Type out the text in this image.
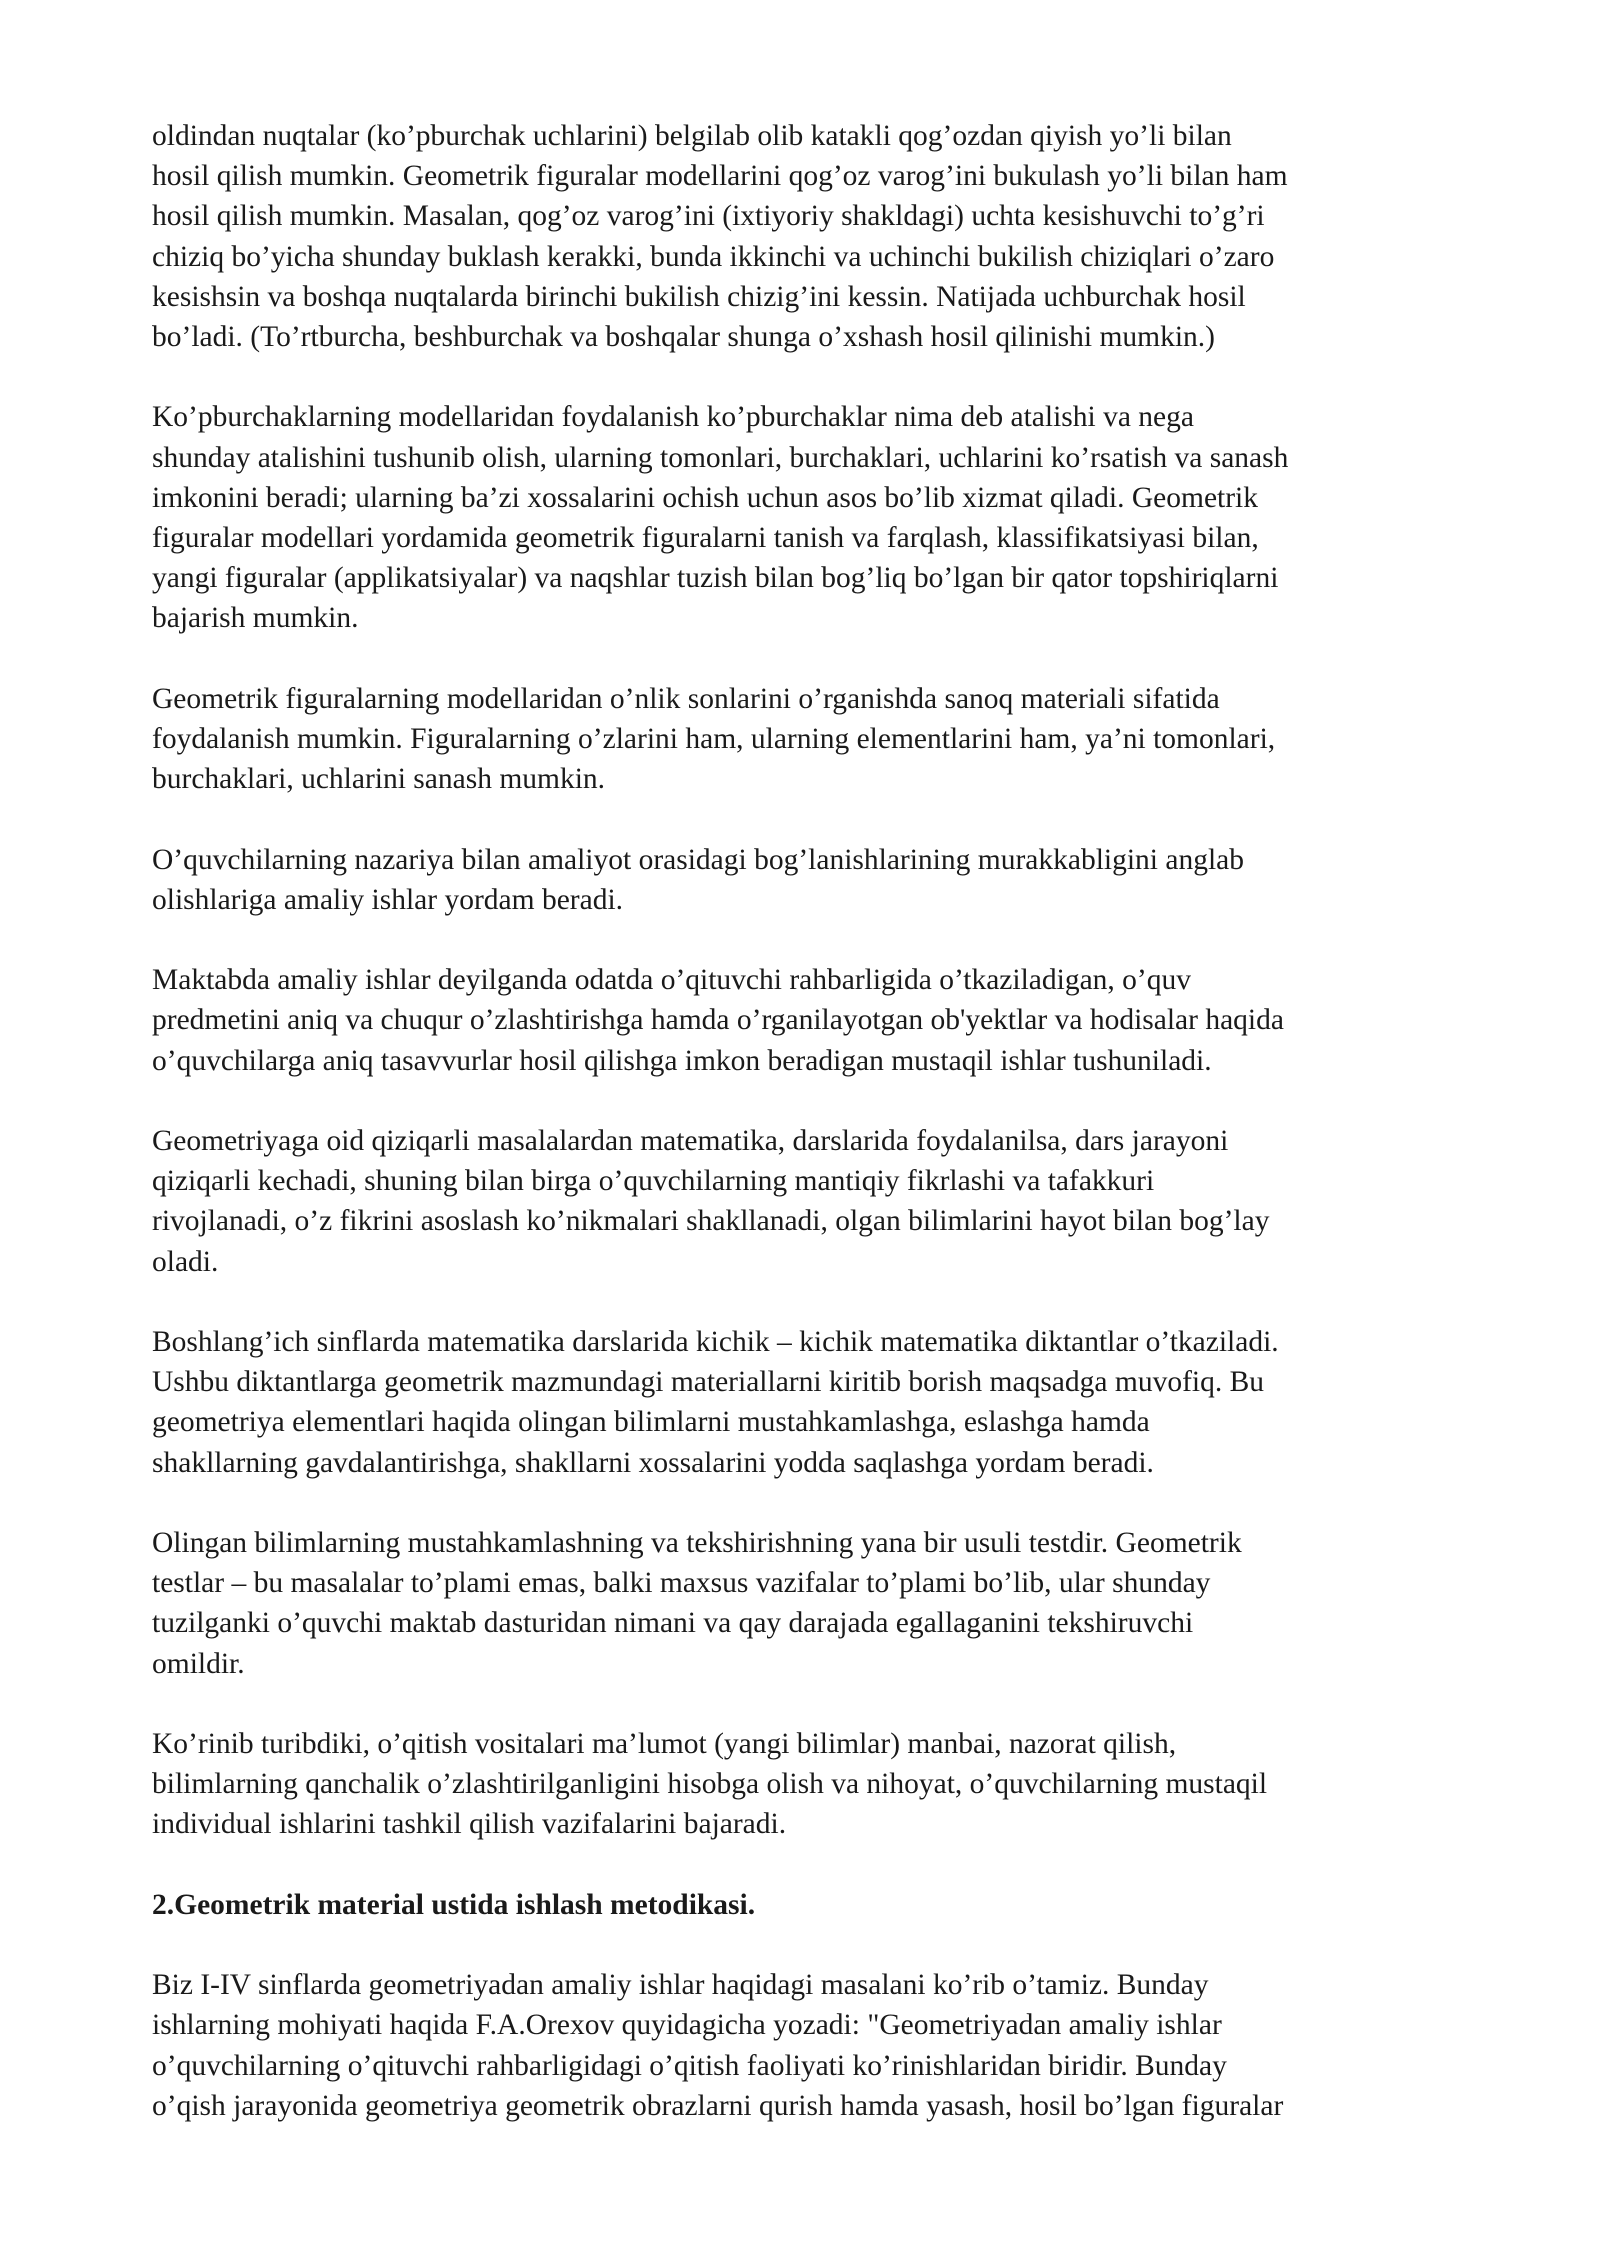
oldindan nuqtalar (ko’pburchak uchlarini) belgilab olib katakli qog’ozdan qiyish yo’li bilan
hosil qilish mumkin. Geometrik figuralar modellarini qog’oz varog’ini bukulash yo’li bilan ham
hosil qilish mumkin. Masalan, qog’oz varog’ini (ixtiyoriy shakldagi) uchta kesishuvchi to’g’ri
chiziq bo’yicha shunday buklash kerakki, bunda ikkinchi va uchinchi bukilish chiziqlari o’zaro
kesishsin va boshqa nuqtalarda birinchi bukilish chizig’ini kessin. Natijada uchburchak hosil
bo’ladi. (To’rtburcha, beshburchak va boshqalar shunga o’xshash hosil qilinishi mumkin.)

Ko’pburchaklarning modellaridan foydalanish ko’pburchaklar nima deb atalishi va nega
shunday atalishini tushunib olish, ularning tomonlari, burchaklari, uchlarini ko’rsatish va sanash
imkonini beradi; ularning ba’zi xossalarini ochish uchun asos bo’lib xizmat qiladi. Geometrik
figuralar modellari yordamida geometrik figuralarni tanish va farqlash, klassifikatsiyasi bilan,
yangi figuralar (applikatsiyalar) va naqshlar tuzish bilan bog’liq bo’lgan bir qator topshiriqlarni
bajarish mumkin.

Geometrik figuralarning modellaridan o’nlik sonlarini o’rganishda sanoq materiali sifatida
foydalanish mumkin. Figuralarning o’zlarini ham, ularning elementlarini ham, ya’ni tomonlari,
burchaklari, uchlarini sanash mumkin.

O’quvchilarning nazariya bilan amaliyot orasidagi bog’lanishlarining murakkabligini anglab
olishlariga amaliy ishlar yordam beradi.

Maktabda amaliy ishlar deyilganda odatda o’qituvchi rahbarligida o’tkaziladigan, o’quv
predmetini aniq va chuqur o’zlashtirishga hamda o’rganilayotgan ob'yektlar va hodisalar haqida
o’quvchilarga aniq tasavvurlar hosil qilishga imkon beradigan mustaqil ishlar tushuniladi.

Geometriyaga oid qiziqarli masalalardan matematika, darslarida foydalanilsa, dars jarayoni
qiziqarli kechadi, shuning bilan birga o’quvchilarning mantiqiy fikrlashi va tafakkuri
rivojlanadi, o’z fikrini asoslash ko’nikmalari shakllanadi, olgan bilimlarini hayot bilan bog’lay
oladi.

Boshlang’ich sinflarda matematika darslarida kichik – kichik matematika diktantlar o’tkaziladi.
Ushbu diktantlarga geometrik mazmundagi materiallarni kiritib borish maqsadga muvofiq. Bu
geometriya elementlari haqida olingan bilimlarni mustahkamlashga, eslashga hamda
shakllarning gavdalantirishga, shakllarni xossalarini yodda saqlashga yordam beradi.

Olingan bilimlarning mustahkamlashning va tekshirishning yana bir usuli testdir. Geometrik
testlar – bu masalalar to’plami emas, balki maxsus vazifalar to’plami bo’lib, ular shunday
tuzilganki o’quvchi maktab dasturidan nimani va qay darajada egallaganini tekshiruvchi
omildir.

Ko’rinib turibdiki, o’qitish vositalari ma’lumot (yangi bilimlar) manbai, nazorat qilish,
bilimlarning qanchalik o’zlashtirilganligini hisobga olish va nihoyat, o’quvchilarning mustaqil
individual ishlarini tashkil qilish vazifalarini bajaradi.

2.Geometrik material ustida ishlash metodikasi.

Biz I-IV sinflarda geometriyadan amaliy ishlar haqidagi masalani ko’rib o’tamiz. Bunday
ishlarning mohiyati haqida F.A.Orexov quyidagicha yozadi: "Geometriyadan amaliy ishlar
o’quvchilarning o’qituvchi rahbarligidagi o’qitish faoliyati ko’rinishlaridan biridir. Bunday
o’qish jarayonida geometriya geometrik obrazlarni qurish hamda yasash, hosil bo’lgan figuralar
